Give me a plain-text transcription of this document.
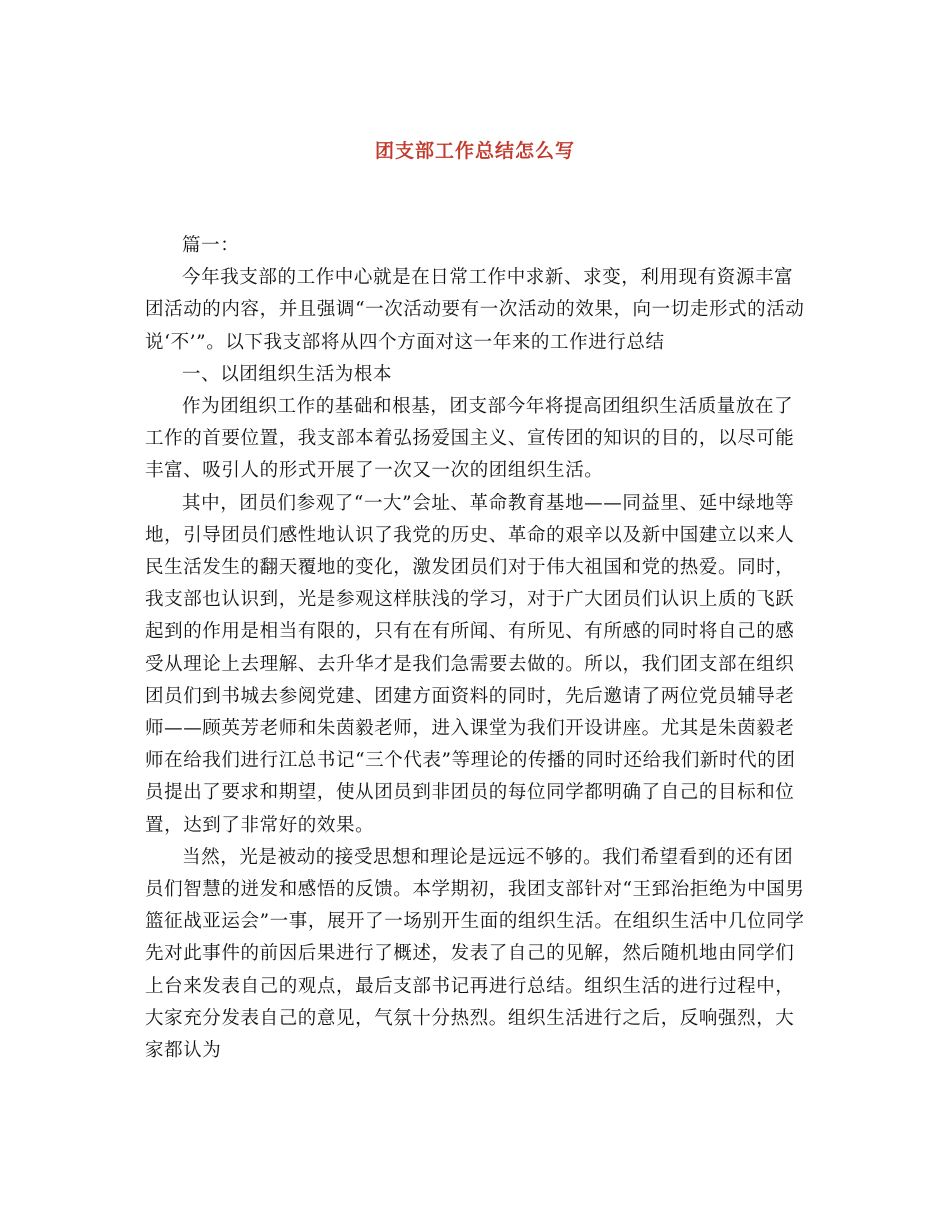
团支部工作总结怎么写

篇一：

今年我支部的工作中心就是在日常工作中求新、求变，利用现有资源丰富团活动的内容，并且强调“一次活动要有一次活动的效果，向一切走形式的活动说‘不’”。以下我支部将从四个方面对这一年来的工作进行总结

一、以团组织生活为根本

作为团组织工作的基础和根基，团支部今年将提高团组织生活质量放在了工作的首要位置，我支部本着弘扬爱国主义、宣传团的知识的目的，以尽可能丰富、吸引人的形式开展了一次又一次的团组织生活。

其中，团员们参观了“一大”会址、革命教育基地——同益里、延中绿地等地，引导团员们感性地认识了我党的历史、革命的艰辛以及新中国建立以来人民生活发生的翻天覆地的变化，激发团员们对于伟大祖国和党的热爱。同时，我支部也认识到，光是参观这样肤浅的学习，对于广大团员们认识上质的飞跃起到的作用是相当有限的，只有在有所闻、有所见、有所感的同时将自己的感受从理论上去理解、去升华才是我们急需要去做的。所以，我们团支部在组织团员们到书城去参阅党建、团建方面资料的同时，先后邀请了两位党员辅导老师——顾英芳老师和朱茵毅老师，进入课堂为我们开设讲座。尤其是朱茵毅老师在给我们进行江总书记“三个代表”等理论的传播的同时还给我们新时代的团员提出了要求和期望，使从团员到非团员的每位同学都明确了自己的目标和位置，达到了非常好的效果。

当然，光是被动的接受思想和理论是远远不够的。我们希望看到的还有团员们智慧的迸发和感悟的反馈。本学期初，我团支部针对“王郅治拒绝为中国男篮征战亚运会”一事，展开了一场别开生面的组织生活。在组织生活中几位同学先对此事件的前因后果进行了概述，发表了自己的见解，然后随机地由同学们上台来发表自己的观点，最后支部书记再进行总结。组织生活的进行过程中，大家充分发表自己的意见，气氛十分热烈。组织生活进行之后，反响强烈，大家都认为
